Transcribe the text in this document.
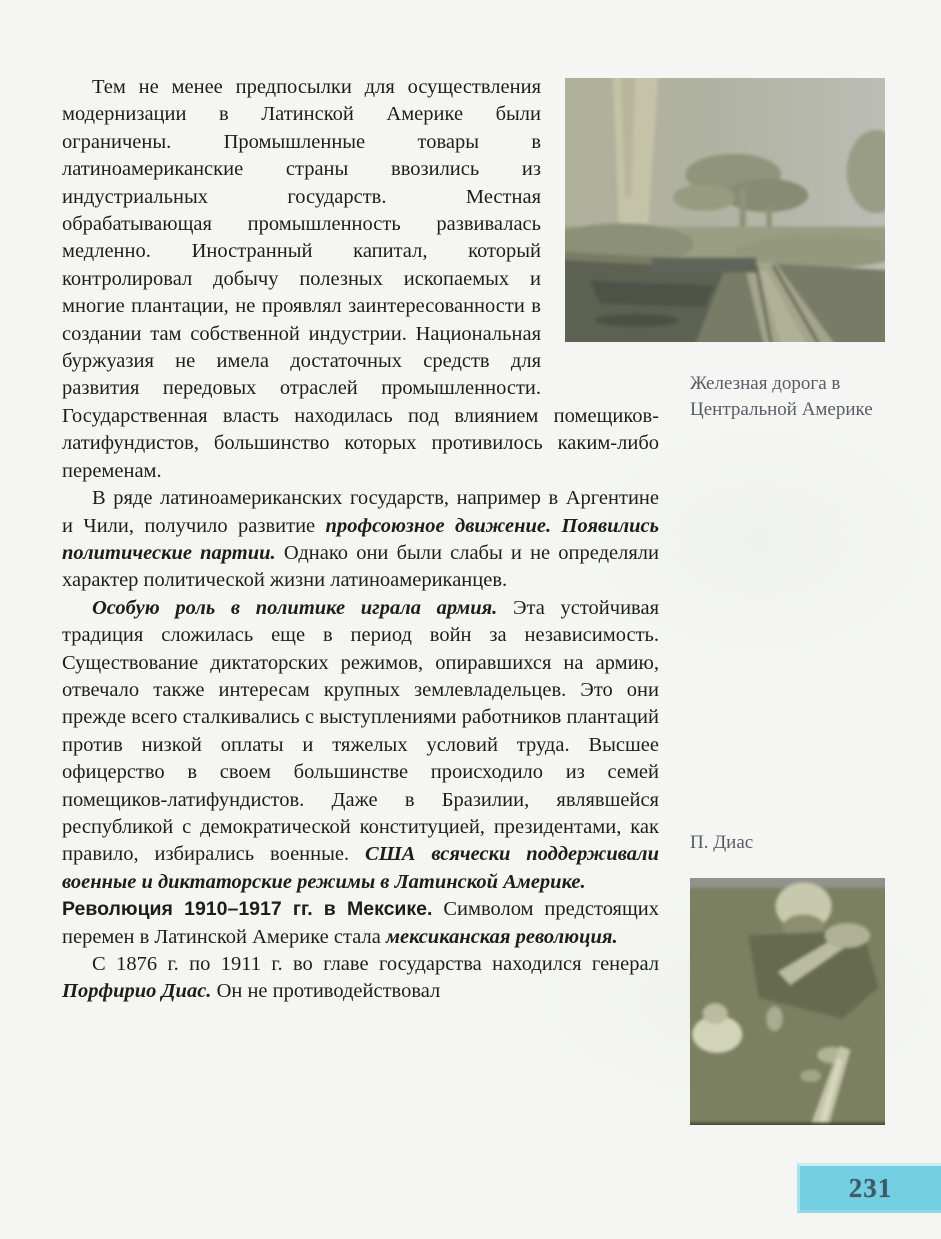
Тем не менее предпосылки для осуществления модернизации в Латинской Америке были ограничены. Промышленные товары в латиноамериканские страны ввозились из индустриальных государств. Местная обрабатывающая промышленность развивалась медленно. Иностранный капитал, который контролировал добычу полезных ископаемых и многие плантации, не проявлял заинтересованности в создании там собственной индустрии. Национальная буржуазия не имела достаточных средств для развития передовых отраслей промышленности. Государственная власть находилась под влиянием помещиков-латифундистов, большинство которых противилось каким-либо переменам.

В ряде латиноамериканских государств, например в Аргентине и Чили, получило развитие профсоюзное движение. Появились политические партии. Однако они были слабы и не определяли характер политической жизни латиноамериканцев.

Особую роль в политике играла армия. Эта устойчивая традиция сложилась еще в период войн за независимость. Существование диктаторских режимов, опиравшихся на армию, отвечало также интересам крупных землевладельцев. Это они прежде всего сталкивались с выступлениями работников плантаций против низкой оплаты и тяжелых условий труда. Высшее офицерство в своем большинстве происходило из семей помещиков-латифундистов. Даже в Бразилии, являвшейся республикой с демократической конституцией, президентами, как правило, избирались военные. США всячески поддерживали военные и диктаторские режимы в Латинской Америке.

Революция 1910–1917 гг. в Мексике. Символом предстоящих перемен в Латинской Америке стала мексиканская революция.

С 1876 г. по 1911 г. во главе государства находился генерал Порфирио Диас. Он не противодействовал

Железная дорога в Центральной Америке
П. Диас
231
